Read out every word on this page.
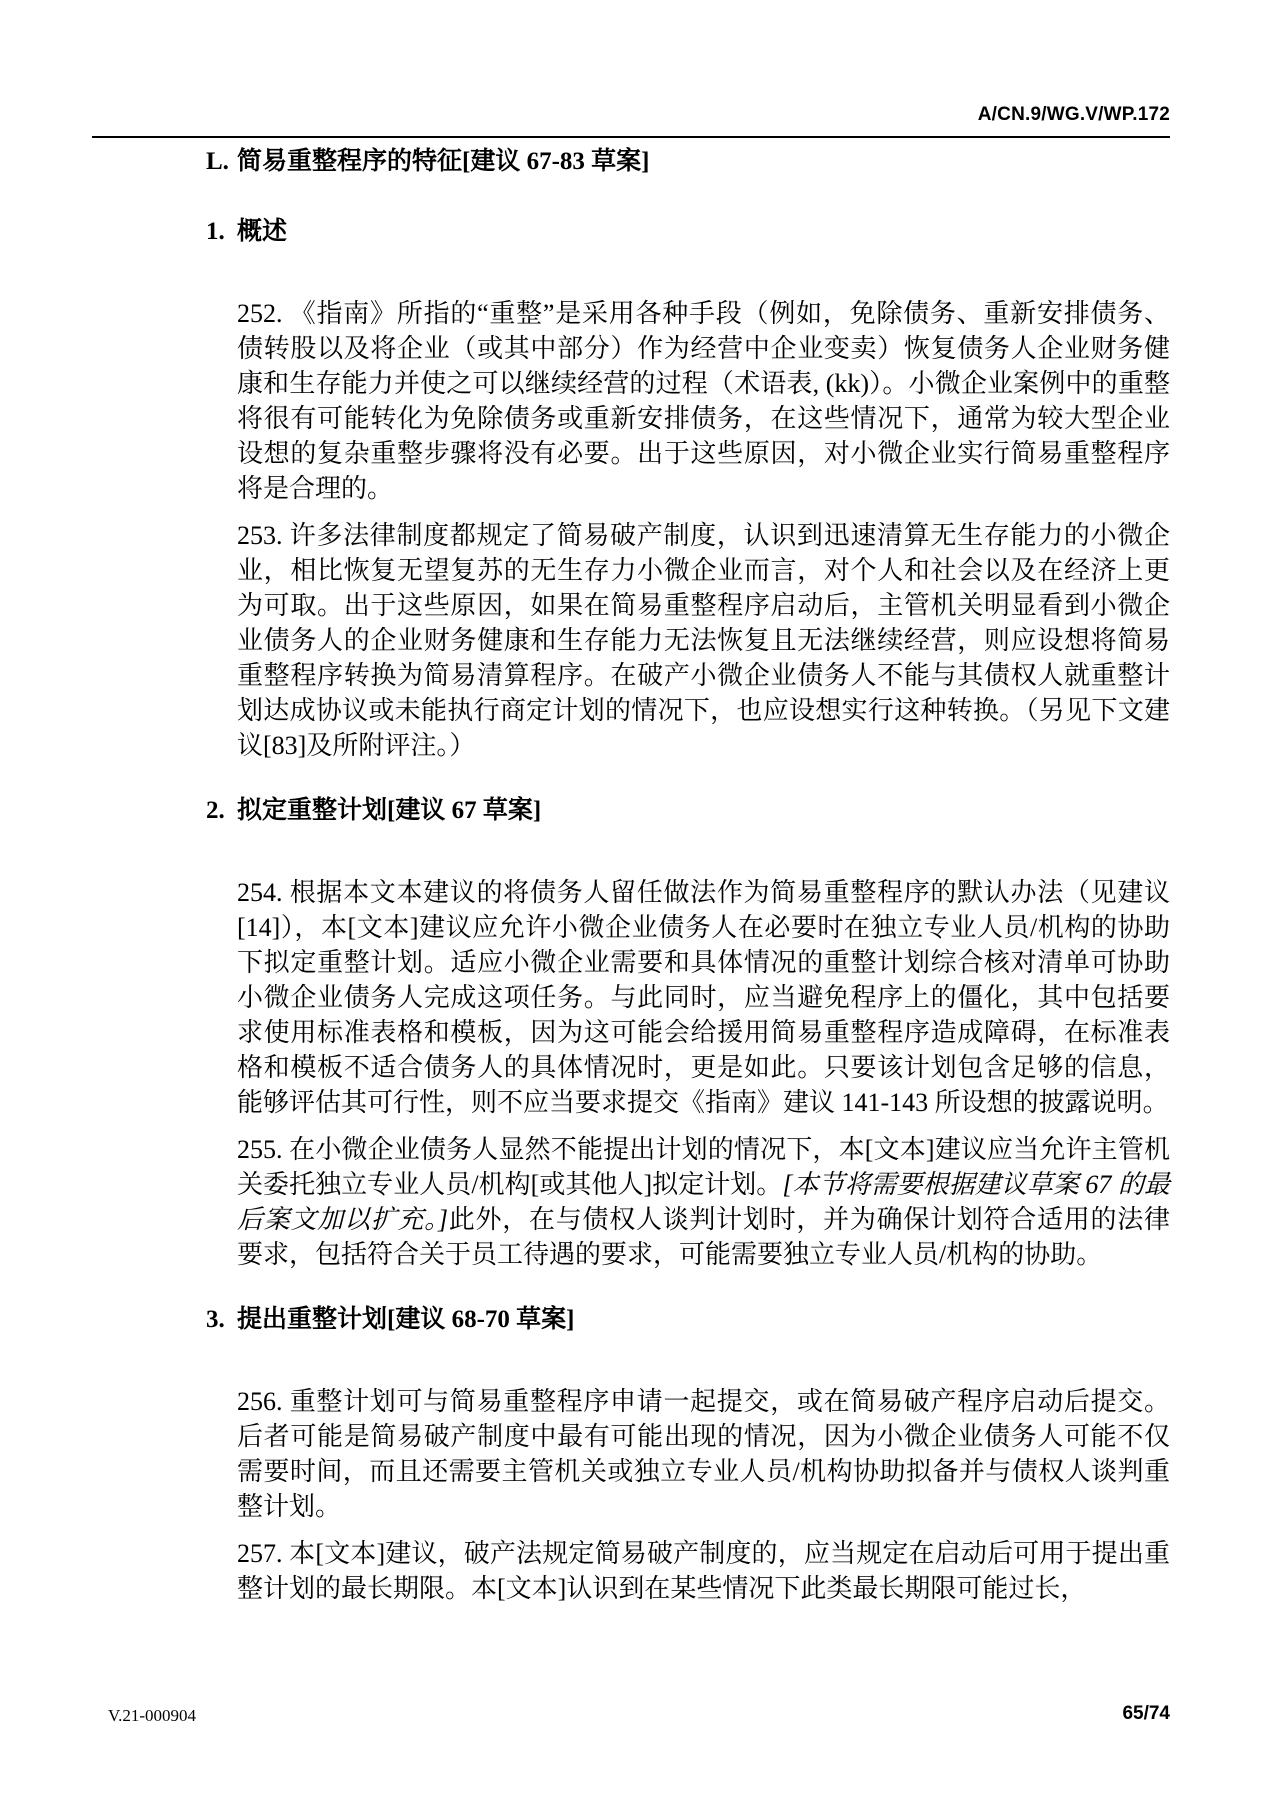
A/CN.9/WG.V/WP.172
L. 简易重整程序的特征[建议 67-83 草案]
1. 概述

252. 《指南》所指的“重整”是采用各种手段（例如，免除债务、重新安排债务、债转股以及将企业（或其中部分）作为经营中企业变卖）恢复债务人企业财务健康和生存能力并使之可以继续经营的过程（术语表, (kk)）。小微企业案例中的重整将很有可能转化为免除债务或重新安排债务，在这些情况下，通常为较大型企业设想的复杂重整步骤将没有必要。出于这些原因，对小微企业实行简易重整程序将是合理的。

253. 许多法律制度都规定了简易破产制度，认识到迅速清算无生存能力的小微企业，相比恢复无望复苏的无生存力小微企业而言，对个人和社会以及在经济上更为可取。出于这些原因，如果在简易重整程序启动后，主管机关明显看到小微企业债务人的企业财务健康和生存能力无法恢复且无法继续经营，则应设想将简易重整程序转换为简易清算程序。在破产小微企业债务人不能与其债权人就重整计划达成协议或未能执行商定计划的情况下，也应设想实行这种转换。（另见下文建议[83]及所附评注。）

2. 拟定重整计划[建议 67 草案]

254. 根据本文本建议的将债务人留任做法作为简易重整程序的默认办法（见建议[14]），本[文本]建议应允许小微企业债务人在必要时在独立专业人员/机构的协助下拟定重整计划。适应小微企业需要和具体情况的重整计划综合核对清单可协助小微企业债务人完成这项任务。与此同时，应当避免程序上的僵化，其中包括要求使用标准表格和模板，因为这可能会给援用简易重整程序造成障碍，在标准表格和模板不适合债务人的具体情况时，更是如此。只要该计划包含足够的信息，能够评估其可行性，则不应当要求提交《指南》建议 141-143 所设想的披露说明。

255. 在小微企业债务人显然不能提出计划的情况下，本[文本]建议应当允许主管机关委托独立专业人员/机构[或其他人]拟定计划。[本节将需要根据建议草案 67 的最后案文加以扩充。]此外，在与债权人谈判计划时，并为确保计划符合适用的法律要求，包括符合关于员工待遇的要求，可能需要独立专业人员/机构的协助。

3. 提出重整计划[建议 68-70 草案]

256. 重整计划可与简易重整程序申请一起提交，或在简易破产程序启动后提交。后者可能是简易破产制度中最有可能出现的情况，因为小微企业债务人可能不仅需要时间，而且还需要主管机关或独立专业人员/机构协助拟备并与债权人谈判重整计划。

257. 本[文本]建议，破产法规定简易破产制度的，应当规定在启动后可用于提出重整计划的最长期限。本[文本]认识到在某些情况下此类最长期限可能过长，

V.21-000904	65/74
